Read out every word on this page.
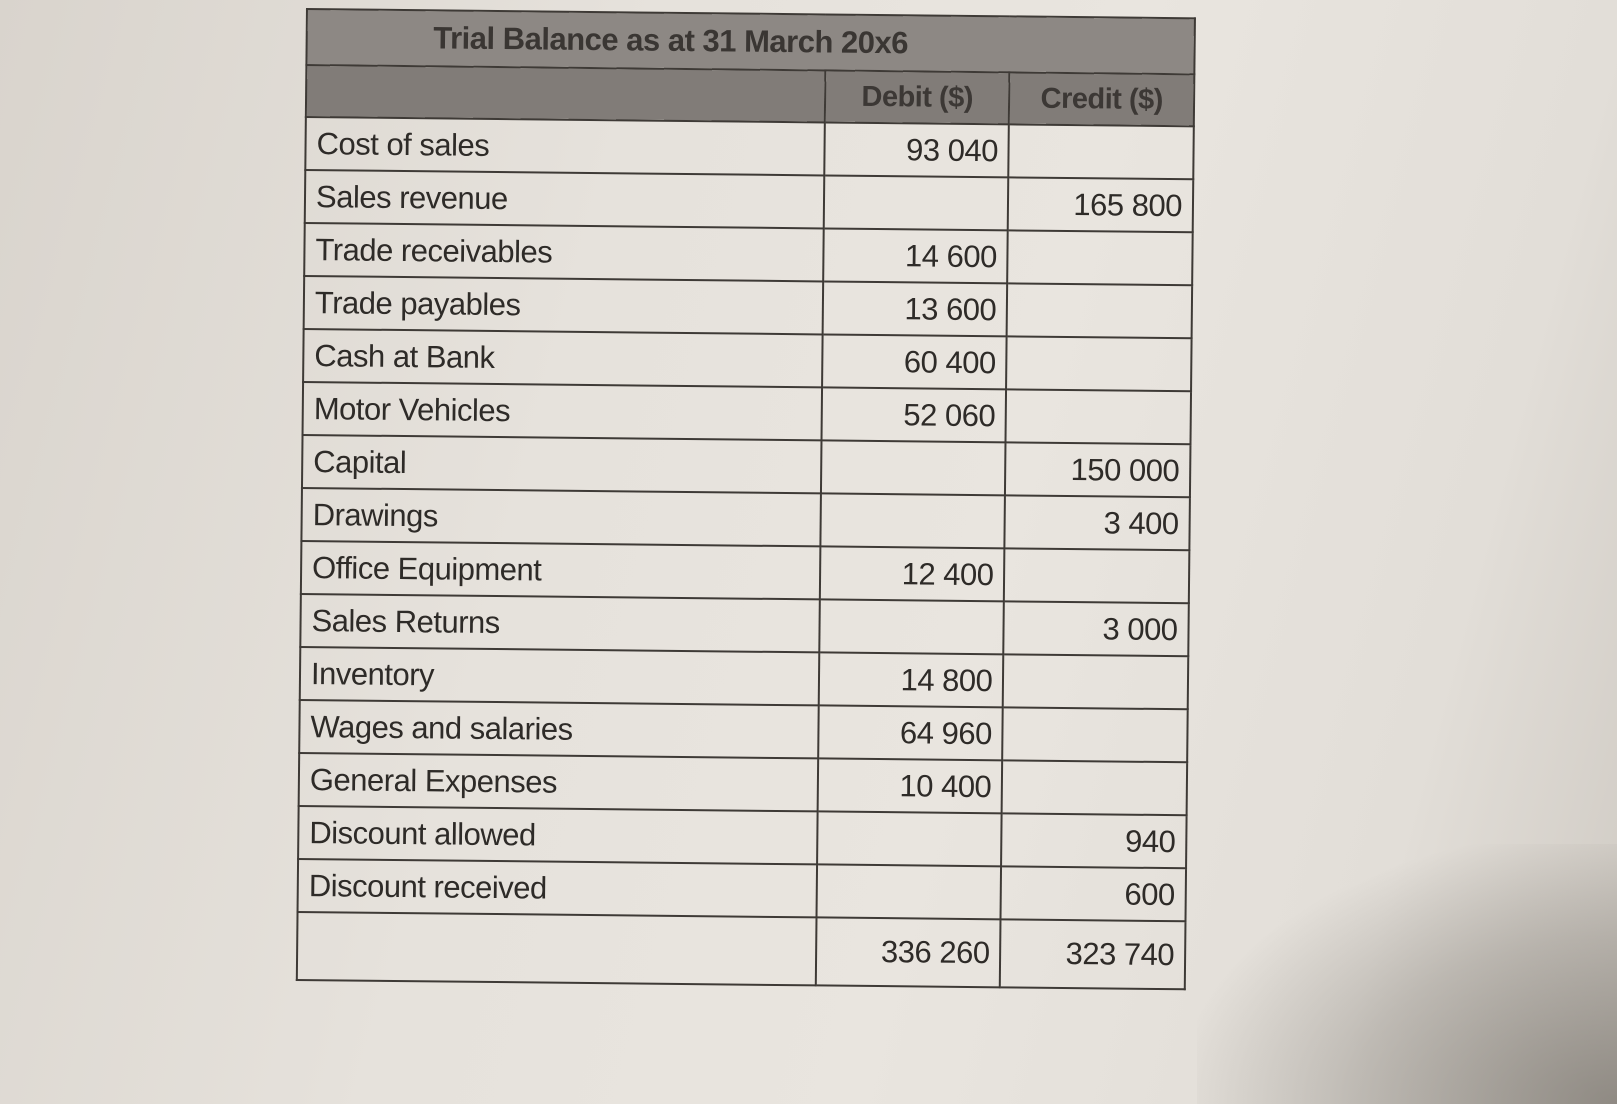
Trial Balance as at 31 March 20x6		
	Debit ($)	Credit ($)
Cost of sales	93 040	
Sales revenue		165 800
Trade receivables	14 600	
Trade payables	13 600	
Cash at Bank	60 400	
Motor Vehicles	52 060	
Capital		150 000
Drawings		3 400
Office Equipment	12 400	
Sales Returns		3 000
Inventory	14 800	
Wages and salaries	64 960	
General Expenses	10 400	
Discount allowed		940
Discount received		600
	336 260	323 740
